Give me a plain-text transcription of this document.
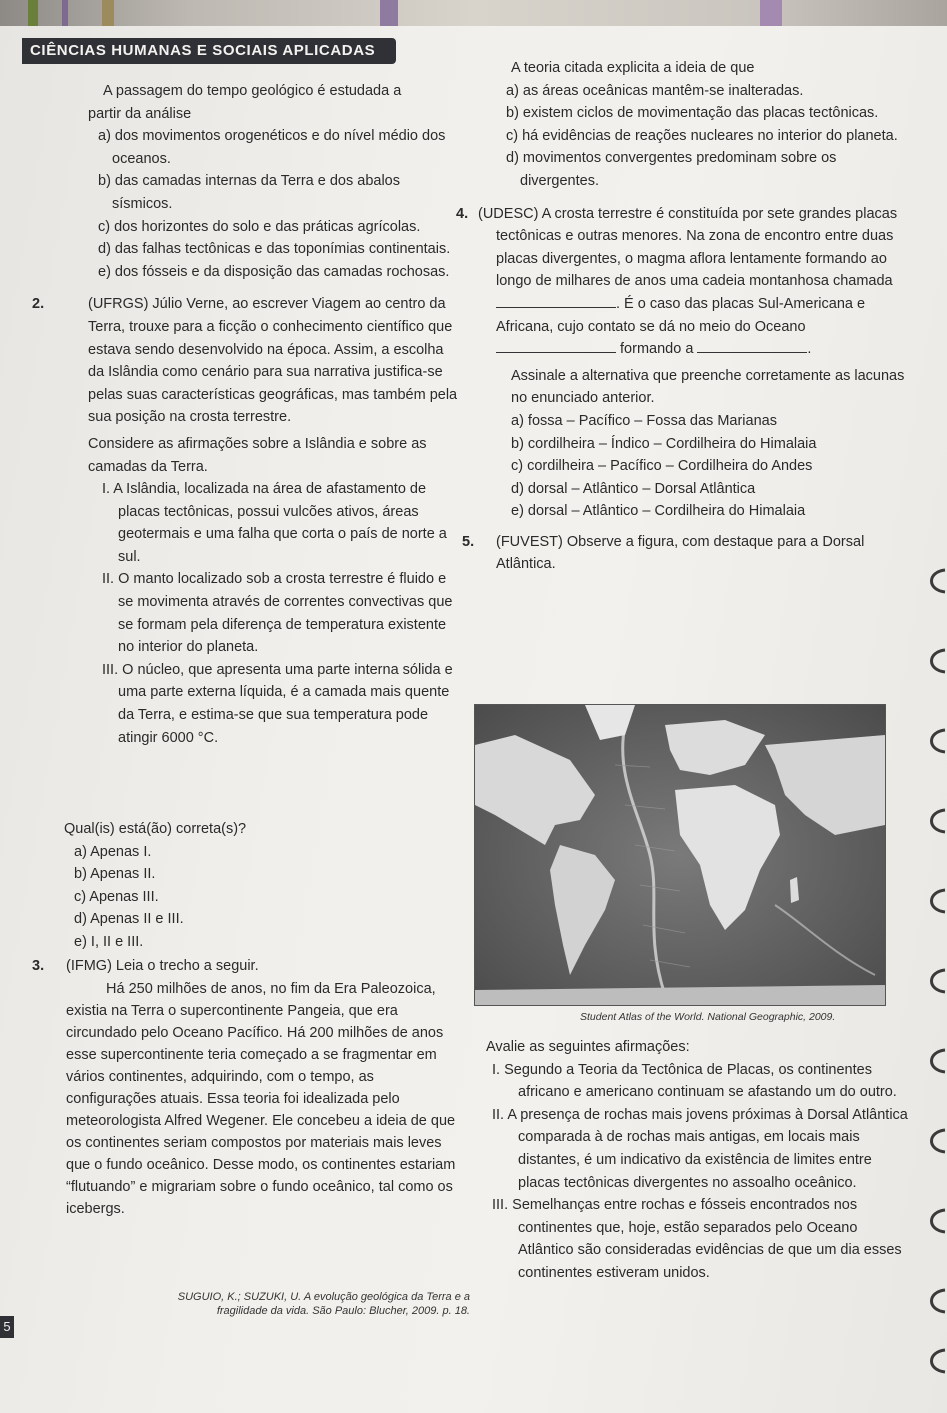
CIÊNCIAS HUMANAS E SOCIAIS APLICADAS

A passagem do tempo geológico é estudada a

partir da análise

a) dos movimentos orogenéticos e do nível médio dos oceanos.

b) das camadas internas da Terra e dos abalos sísmicos.

c) dos horizontes do solo e das práticas agrícolas.

d) das falhas tectônicas e das toponímias continentais.

e) dos fósseis e da disposição das camadas rochosas.

2.	(UFRGS) Júlio Verne, ao escrever Viagem ao centro da Terra, trouxe para a ficção o conhecimento científico que estava sendo desenvolvido na época. Assim, a escolha da Islândia como cenário para sua narrativa justifica-se pelas suas características geográficas, mas também pela sua posição na crosta terrestre.

Considere as afirmações sobre a Islândia e sobre as camadas da Terra.

I. A Islândia, localizada na área de afastamento de placas tectônicas, possui vulcões ativos, áreas geotermais e uma falha que corta o país de norte a sul.

II. O manto localizado sob a crosta terrestre é fluido e se movimenta através de correntes convectivas que se formam pela diferença de temperatura existente no interior do planeta.

III. O núcleo, que apresenta uma parte interna sólida e uma parte externa líquida, é a camada mais quente da Terra, e estima-se que sua temperatura pode atingir 6000 °C.

Qual(is) está(ão) correta(s)?

a) Apenas I.

b) Apenas II.

c) Apenas III.

d) Apenas II e III.

e) I, II e III.

3. (IFMG) Leia o trecho a seguir.

Há 250 milhões de anos, no fim da Era Paleozoica, existia na Terra o supercontinente Pangeia, que era circundado pelo Oceano Pacífico. Há 200 milhões de anos esse supercontinente teria começado a se fragmentar em vários continentes, adquirindo, com o tempo, as configurações atuais. Essa teoria foi idealizada pelo meteorologista Alfred Wegener. Ele concebeu a ideia de que os continentes seriam compostos por materiais mais leves que o fundo oceânico. Desse modo, os continentes estariam “flutuando” e migrariam sobre o fundo oceânico, tal como os icebergs.

SUGUIO, K.; SUZUKI, U. A evolução geológica da Terra e a fragilidade da vida. São Paulo: Blucher, 2009. p. 18.

A teoria citada explicita a ideia de que

a) as áreas oceânicas mantêm-se inalteradas.

b) existem ciclos de movimentação das placas tectônicas.

c) há evidências de reações nucleares no interior do planeta.

d) movimentos convergentes predominam sobre os divergentes.

4. (UDESC) A crosta terrestre é constituída por sete grandes placas tectônicas e outras menores. Na zona de encontro entre duas placas divergentes, o magma aflora lentamente formando ao longo de milhares de anos uma cadeia montanhosa chamada . É o caso das placas Sul-Americana e Africana, cujo contato se dá no meio do Oceano  formando a	.

Assinale a alternativa que preenche corretamente as lacunas no enunciado anterior.

a) fossa – Pacífico – Fossa das Marianas

b) cordilheira – Índico – Cordilheira do Himalaia

c) cordilheira – Pacífico – Cordilheira do Andes

d) dorsal – Atlântico – Dorsal Atlântica

e) dorsal – Atlântico – Cordilheira do Himalaia

5. (FUVEST) Observe a figura, com destaque para a Dorsal Atlântica.

Student Atlas of the World. National Geographic, 2009.

Avalie as seguintes afirmações:

I. Segundo a Teoria da Tectônica de Placas, os continentes africano e americano continuam se afastando um do outro.

II. A presença de rochas mais jovens próximas à Dorsal Atlântica comparada à de rochas mais antigas, em locais mais distantes, é um indicativo da existência de limites entre placas tectônicas divergentes no assoalho oceânico.

III. Semelhanças entre rochas e fósseis encontrados nos continentes que, hoje, estão separados pelo Oceano Atlântico são consideradas evidências de que um dia esses continentes estiveram unidos.

5
